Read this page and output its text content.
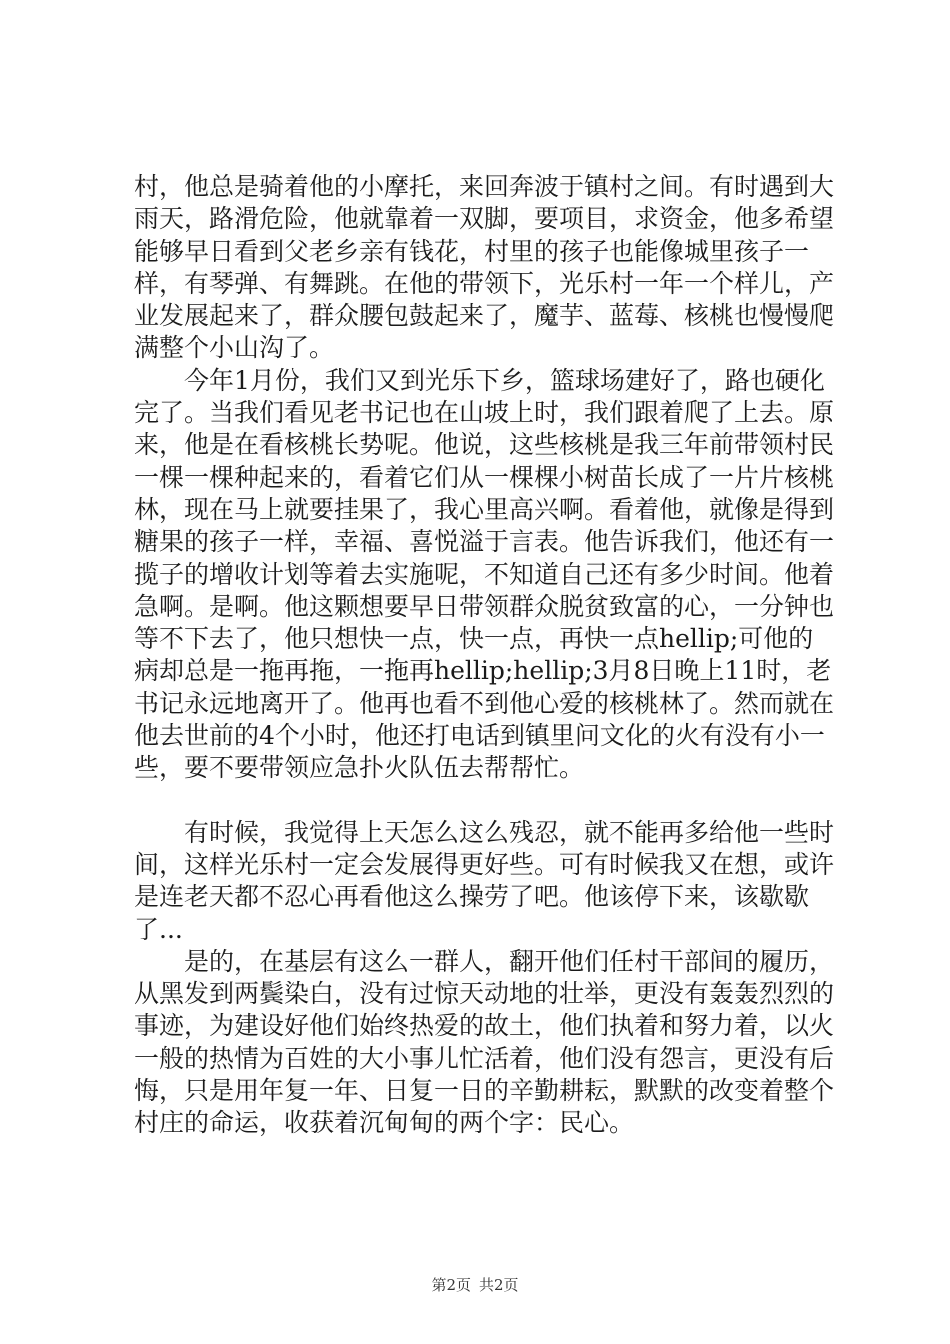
村，他总是骑着他的小摩托，来回奔波于镇村之间。有时遇到大雨天，路滑危险，他就靠着一双脚，要项目，求资金，他多希望能够早日看到父老乡亲有钱花，村里的孩子也能像城里孩子一样，有琴弹、有舞跳。在他的带领下，光乐村一年一个样儿，产业发展起来了，群众腰包鼓起来了，魔芋、蓝莓、核桃也慢慢爬满整个小山沟了。

今年1月份，我们又到光乐下乡，篮球场建好了，路也硬化完了。当我们看见老书记也在山坡上时，我们跟着爬了上去。原来，他是在看核桃长势呢。他说，这些核桃是我三年前带领村民一棵一棵种起来的，看着它们从一棵棵小树苗长成了一片片核桃林，现在马上就要挂果了，我心里高兴啊。看着他，就像是得到糖果的孩子一样，幸福、喜悦溢于言表。他告诉我们，他还有一揽子的增收计划等着去实施呢，不知道自己还有多少时间。他着急啊。是啊。他这颗想要早日带领群众脱贫致富的心，一分钟也等不下去了，他只想快一点，快一点，再快一点hellip;可他的病却总是一拖再拖，一拖再hellip;hellip;3月8日晚上11时，老书记永远地离开了。他再也看不到他心爱的核桃林了。然而就在他去世前的4个小时，他还打电话到镇里问文化的火有没有小一些，要不要带领应急扑火队伍去帮帮忙。

有时候，我觉得上天怎么这么残忍，就不能再多给他一些时间，这样光乐村一定会发展得更好些。可有时候我又在想，或许是连老天都不忍心再看他这么操劳了吧。他该停下来，该歇歇了...

是的，在基层有这么一群人，翻开他们任村干部间的履历，从黑发到两鬓染白，没有过惊天动地的壮举，更没有轰轰烈烈的事迹，为建设好他们始终热爱的故土，他们执着和努力着，以火一般的热情为百姓的大小事儿忙活着，他们没有怨言，更没有后悔，只是用年复一年、日复一日的辛勤耕耘，默默的改变着整个村庄的命运，收获着沉甸甸的两个字：民心。

第2页 共2页
